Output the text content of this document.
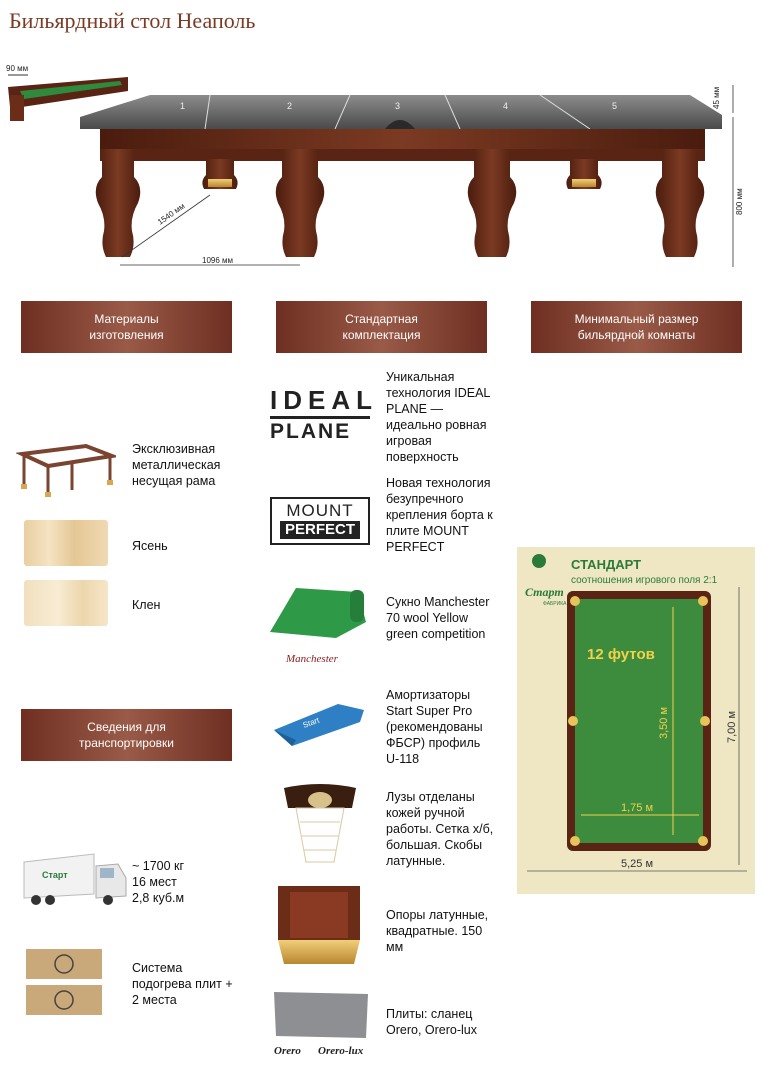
Бильярдный стол Неаполь
90 мм
1	2	3	4	5
1096 мм
1540 мм	800 мм
45 мм
Материалы изготовления
Стандартная комплектация
Минимальный размер бильярдной комнаты
Сведения для транспортировки
Эксклюзивная металлическая несущая рама
Ясень
Клен
Старт
~ 1700 кг
16 мест
2,8 куб.м
Система подогрева плит + 2 места
IDEAL
PLANE
Уникальная технология IDEAL PLANE — идеально ровная игровая поверхность
MOUNT
PERFECT
Новая технология безупречного крепления борта к плите MOUNT PERFECT
Manchester
Сукно Manchester 70 wool Yellow green competition
Start
Амортизаторы Start Super Pro (рекомендованы ФБСР) профиль U-118
Лузы отделаны кожей ручной работы. Сетка х/б, большая. Скобы латунные.
Опоры латунные, квадратные. 150 мм
Orero Orero-lux
Плиты: сланец Orero, Orero-lux
Старт
ФАБРИКА
СТАНДАРТ
соотношения игрового поля 2:1
12 футов
3,50 м
1,75 м
7,00 м
5,25 м
